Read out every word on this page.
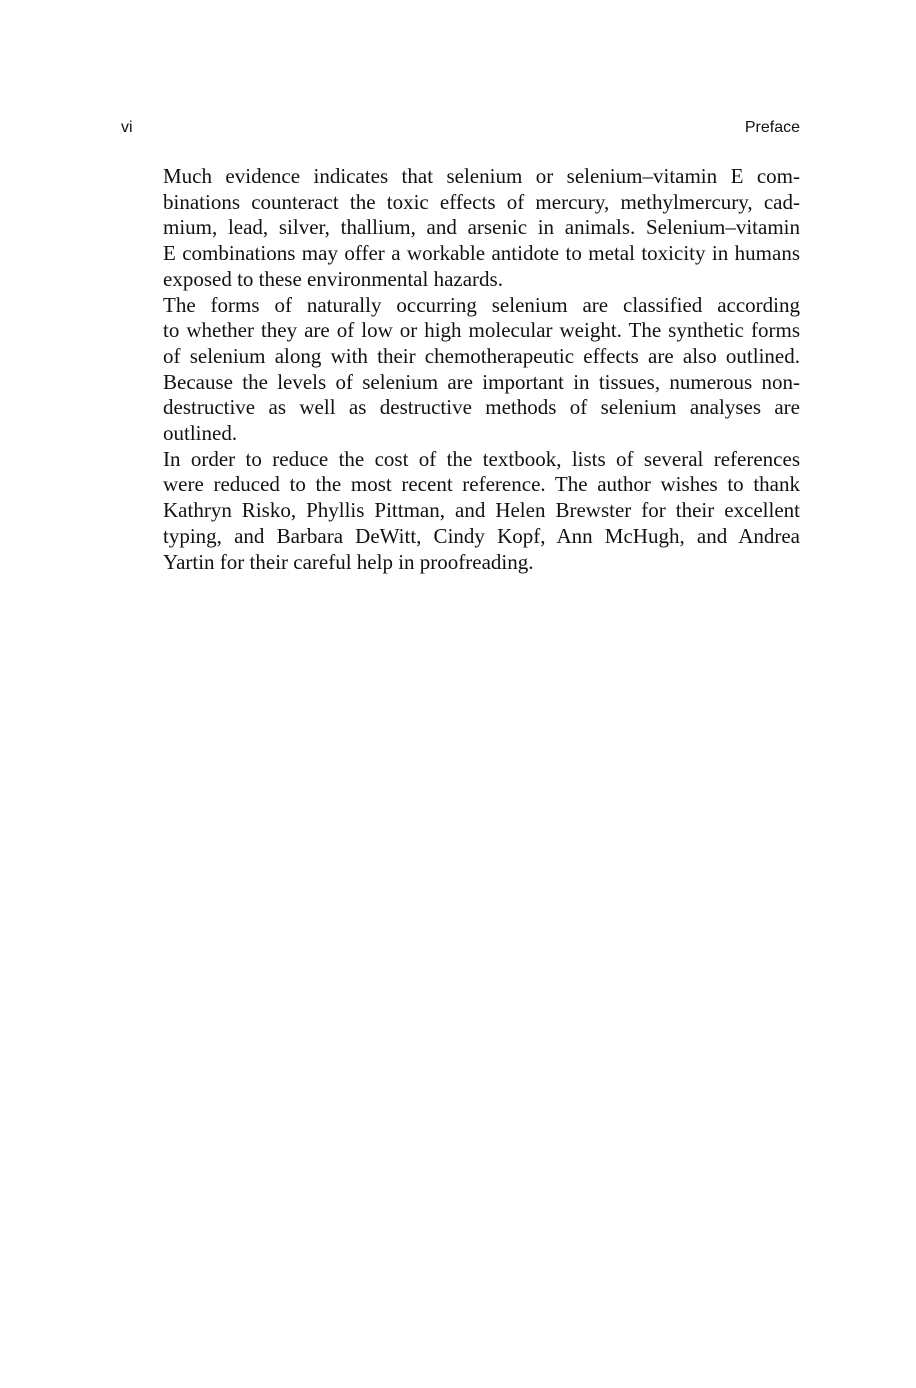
vi	Preface

Much evidence indicates that selenium or selenium–vitamin E com-
binations counteract the toxic effects of mercury, methylmercury, cad-
mium, lead, silver, thallium, and arsenic in animals. Selenium–vitamin
E combinations may offer a workable antidote to metal toxicity in humans
exposed to these environmental hazards.

The forms of naturally occurring selenium are classified according
to whether they are of low or high molecular weight. The synthetic forms
of selenium along with their chemotherapeutic effects are also outlined.
Because the levels of selenium are important in tissues, numerous non-
destructive as well as destructive methods of selenium analyses are
outlined.

In order to reduce the cost of the textbook, lists of several references
were reduced to the most recent reference. The author wishes to thank
Kathryn Risko, Phyllis Pittman, and Helen Brewster for their excellent
typing, and Barbara DeWitt, Cindy Kopf, Ann McHugh, and Andrea
Yartin for their careful help in proofreading.
